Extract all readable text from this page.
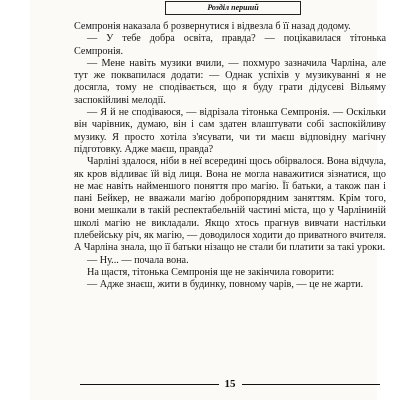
Розділ перший

Семпронія наказала б розвернутися і відвезла б її назад додому.

— У тебе добра освіта, правда? — поцікавилася тітонька Семпронія.

— Мене навіть музики вчили, — похмуро зазначила Чарліна, але тут же поквапилася додати: — Однак успіхів у музикуванні я не досягла, тому не сподівається, що я буду грати дідусеві Вільяму заспокійливі мелодії.

— Я й не сподіваюся, — відрізала тітонька Семпронія. — Оскільки він чарівник, думаю, він і сам здатен влаштувати собі заспокійливу музику. Я просто хотіла з'ясувати, чи ти маєш відповідну магічну підготовку. Адже маєш, правда?

Чарліні здалося, ніби в неї всередині щось обірвалося. Вона відчула, як кров відливає їй від лиця. Вона не могла наважитися зізнатися, що не має навіть найменшого поняття про магію. Її батьки, а також пан і пані Бейкер, не вважали магію добропорядним заняттям. Крім того, вони мешкали в такій респектабельній частині міста, що у Чарліниній школі магію не викладали. Якщо хтось прагнув вивчати настільки плебейську річ, як магію, — доводилося ходити до приватного вчителя. А Чарліна знала, що її батьки нізащо не стали би платити за такі уроки.

— Ну... — почала вона.

На щастя, тітонька Семпронія ще не закінчила говорити:

— Адже знаєш, жити в будинку, повному чарів, — це не жарти.

15
